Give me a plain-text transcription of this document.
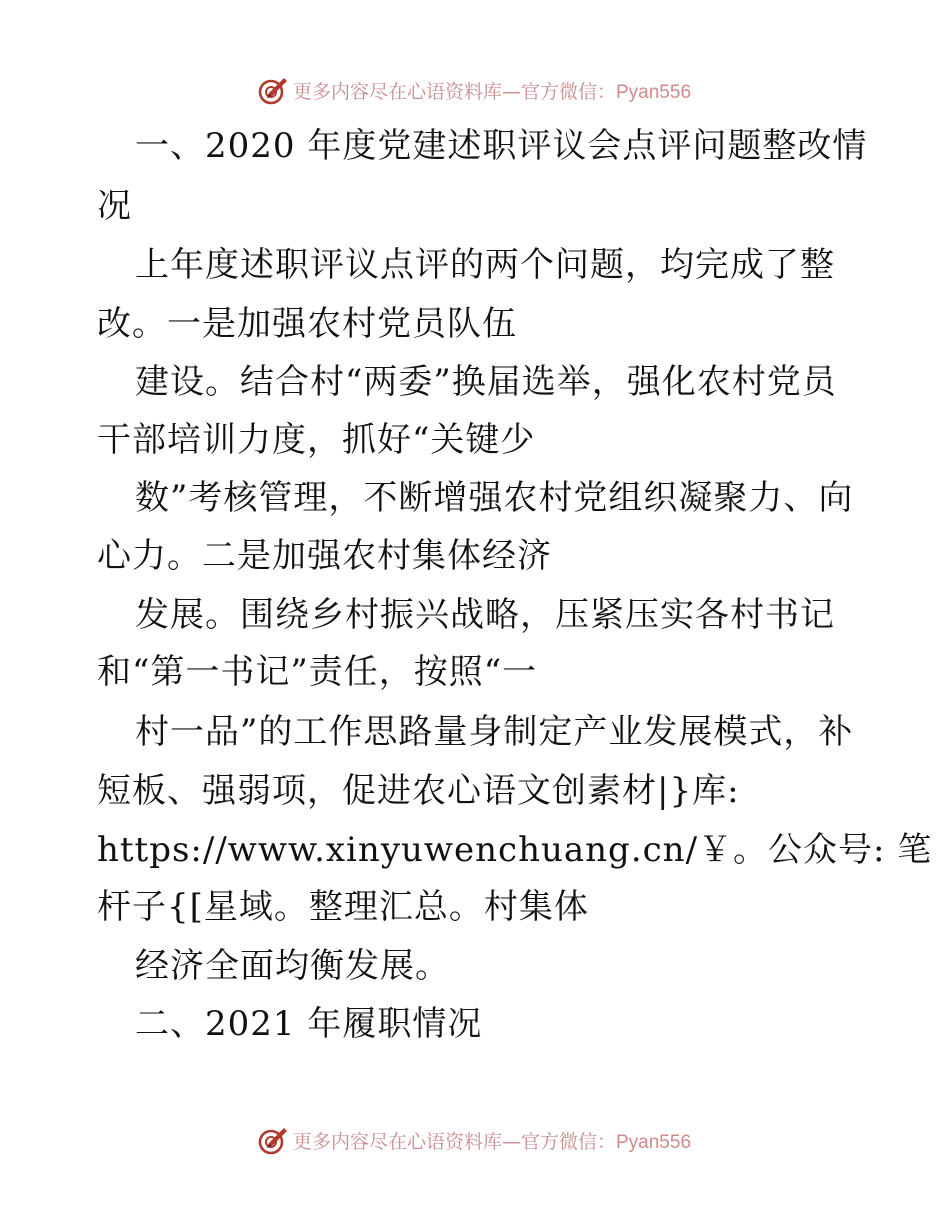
更多内容尽在心语资料库—官方微信：Pyan556
一、2020 年度党建述职评议会点评问题整改情
况
上年度述职评议点评的两个问题，均完成了整
改。一是加强农村党员队伍
建设。结合村“两委”换届选举，强化农村党员
干部培训力度，抓好“关键少
数”考核管理，不断增强农村党组织凝聚力、向
心力。二是加强农村集体经济
发展。围绕乡村振兴战略，压紧压实各村书记
和“第一书记”责任，按照“一
村一品”的工作思路量身制定产业发展模式，补
短板、强弱项，促进农心语文创素材|}库:
https://www.xinyuwenchuang.cn/￥。公众号: 笔
杆子{[星域。整理汇总。村集体
经济全面均衡发展。
二、2021 年履职情况
更多内容尽在心语资料库—官方微信：Pyan556
